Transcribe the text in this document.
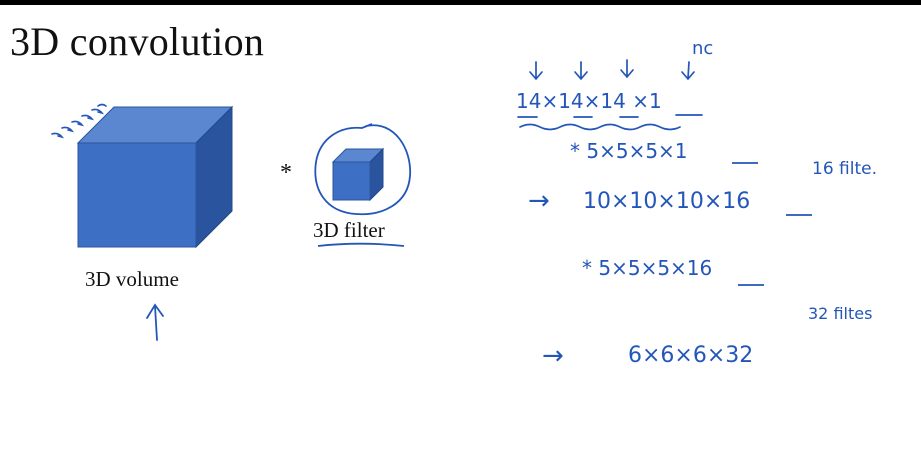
3D convolution
3D volume
3D filter
*
nc
14×14×14 ×1
* 5×5×5×1
16 filte.
→ 10×10×10×16
* 5×5×5×16
32 filtes
→	6×6×6×32
